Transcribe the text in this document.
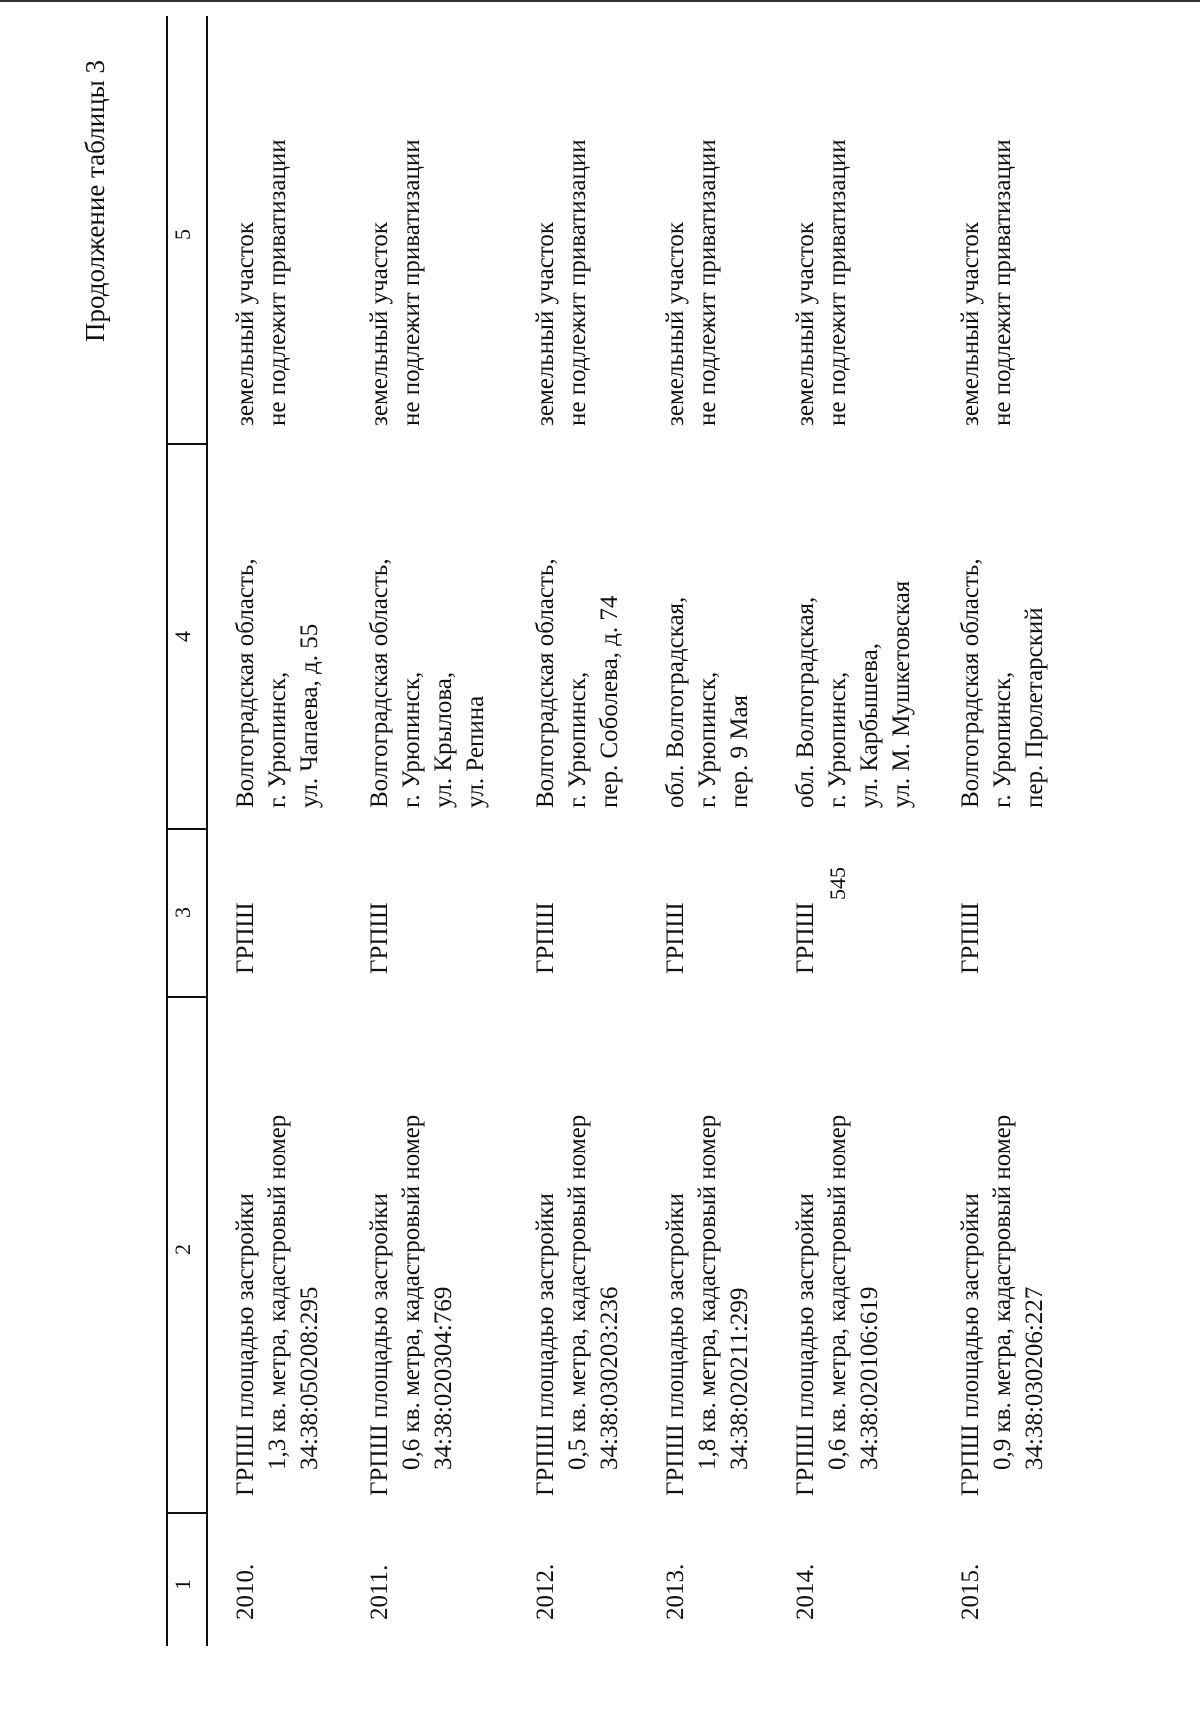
545
Продолжение таблицы 3
1
2
3
4
5
2010.
ГРПШ площадью застройки 1,3 кв. метра, кадастровый номер 34:38:050208:295
ГРПШ
Волгоградская область, г. Урюпинск, ул. Чапаева, д. 55
земельный участок не подлежит приватизации
2011.
ГРПШ площадью застройки 0,6 кв. метра, кадастровый номер 34:38:020304:769
ГРПШ
Волгоградская область, г. Урюпинск, ул. Крылова, ул. Репина
земельный участок не подлежит приватизации
2012.
ГРПШ площадью застройки 0,5 кв. метра, кадастровый номер 34:38:030203:236
ГРПШ
Волгоградская область, г. Урюпинск, пер. Соболева, д. 74
земельный участок не подлежит приватизации
2013.
ГРПШ площадью застройки 1,8 кв. метра, кадастровый номер 34:38:020211:299
ГРПШ
обл. Волгоградская, г. Урюпинск, пер. 9 Мая
земельный участок не подлежит приватизации
2014.
ГРПШ площадью застройки 0,6 кв. метра, кадастровый номер 34:38:020106:619
ГРПШ
обл. Волгоградская, г. Урюпинск, ул. Карбышева, ул. М. Мушкетовская
земельный участок не подлежит приватизации
2015.
ГРПШ площадью застройки 0,9 кв. метра, кадастровый номер 34:38:030206:227
ГРПШ
Волгоградская область, г. Урюпинск, пер. Пролетарский
земельный участок не подлежит приватизации
